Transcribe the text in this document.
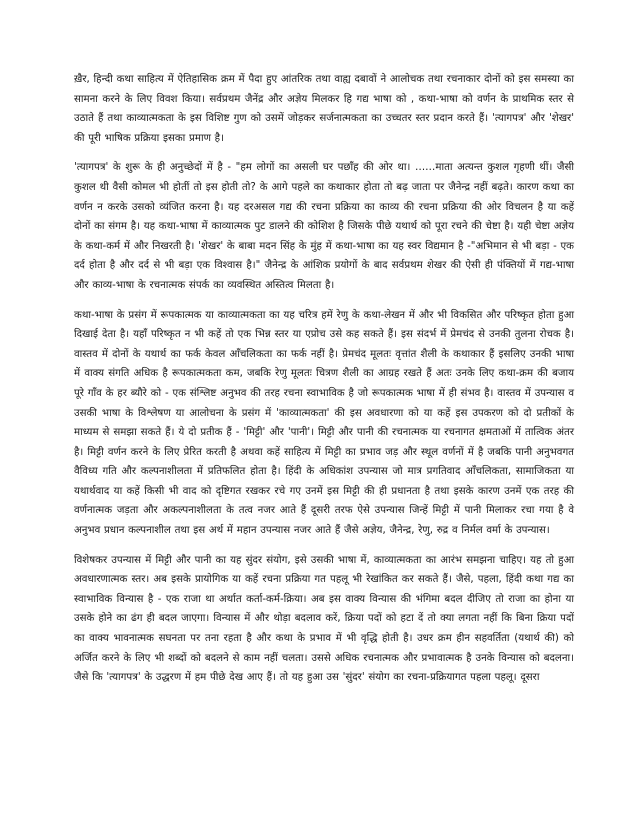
ख़ैर, हिन्दी कथा साहित्य में ऐतिहासिक क्रम में पैदा हुए आंतरिक तथा वाह्य दबावों ने आलोचक तथा रचनाकार दोनों को इस समस्या का सामना करने के लिए विवश किया। सर्वप्रथम जैनेंद्र और अज्ञेय मिलकर हि गद्य भाषा को , कथा-भाषा को वर्णन के प्राथमिक स्तर से उठाते हैं तथा काव्यात्मकता के इस विशिष्ट गुण को उसमें जोड़कर सर्जनात्मकता का उच्चतर स्तर प्रदान करते हैं। 'त्यागपत्र' और 'शेखर' की पूरी भाषिक प्रक्रिया इसका प्रमाण है।

'त्यागपत्र' के शुरू के ही अनुच्छेदों में है - "हम लोगों का असली घर पछाँह की ओर था। ……माता अत्यन्त कुशल गृहणी थीं। जैसी कुशल थी वैसी कोमल भी होतीं तो इस होती तो? के आगे पहले का कथाकार होता तो बढ़ जाता पर जैनेन्द्र नहीं बढ़ते। कारण कथा का वर्णन न करके उसको व्यंजित करना है। यह दरअसल गद्य की रचना प्रक्रिया का काव्य की रचना प्रक्रिया की ओर विचलन है या कहें दोनों का संगम है। यह कथा-भाषा में काव्यात्मक पुट डालने की कोशिश है जिसके पीछे यथार्थ को पूरा रचने की चेष्टा है। यही चेष्टा अज्ञेय के कथा-कर्म में और निखरती है। 'शेखर' के बाबा मदन सिंह के मुंह में कथा-भाषा का यह स्वर विद्यमान है -"अभिमान से भी बड़ा - एक दर्द होता है और दर्द से भी बड़ा एक विश्वास है।" जैनेन्द्र के आंशिक प्रयोगों के बाद सर्वप्रथम शेखर की ऐसी ही पंक्तियों में गद्य-भाषा और काव्य-भाषा के रचनात्मक संपर्क का व्यवस्थित अस्तित्व मिलता है।

कथा-भाषा के प्रसंग में रूपकात्मक या काव्यात्मकता का यह चरित्र हमें रेणु के कथा-लेखन में और भी विकसित और परिष्कृत होता हुआ दिखाई देता है। यहाँ परिष्कृत न भी कहें तो एक भिन्न स्तर या एप्रोच उसे कह सकते हैं। इस संदर्भ में प्रेमचंद से उनकी तुलना रोचक है। वास्तव में दोनों के यथार्थ का फर्क केवल आँचलिकता का फर्क नहीं है। प्रेमचंद मूलतः वृत्तांत शैली के कथाकार हैं इसलिए उनकी भाषा में वाक्य संगति अधिक है रूपकात्मकता कम, जबकि रेणु मूलतः चित्रण शैली का आग्रह रखते हैं अतः उनके लिए कथा-क्रम की बजाय पूरे गाँव के हर ब्यौरे को - एक संश्लिष्ट अनुभव की तरह रचना स्वाभाविक है जो रूपकात्मक भाषा में ही संभव है। वास्तव में उपन्यास व उसकी भाषा के विश्लेषण या आलोचना के प्रसंग में 'काव्यात्मकता' की इस अवधारणा को या कहें इस उपकरण को दो प्रतीकों के माध्यम से समझा सकते हैं। ये दो प्रतीक हैं - 'मिट्टी' और 'पानी'। मिट्टी और पानी की रचनात्मक या रचनागत क्षमताओं में तात्विक अंतर है। मिट्टी वर्णन करने के लिए प्रेरित करती है अथवा कहें साहित्य में मिट्टी का प्रभाव जड़ और स्थूल वर्णनों में है जबकि पानी अनुभवगत वैविध्य गति और कल्पनाशीलता में प्रतिफलित होता है। हिंदी के अधिकांश उपन्यास जो मात्र प्रगतिवाद आँचलिकता, सामाजिकता या यथार्थवाद या कहें किसी भी वाद को दृष्टिगत रखकर रचे गए उनमें इस मिट्टी की ही प्रधानता है तथा इसके कारण उनमें एक तरह की वर्णनात्मक जड़ता और अकल्पनाशीलता के तत्व नजर आते हैं दूसरी तरफ ऐसे उपन्यास जिन्हें मिट्टी में पानी मिलाकर रचा गया है वे अनुभव प्रधान कल्पनाशील तथा इस अर्थ में महान उपन्यास नजर आते हैं जैसे अज्ञेय, जैनेन्द्र, रेणु, रुद्र व निर्मल वर्मा के उपन्यास।

विशेषकर उपन्यास में मिट्टी और पानी का यह सुंदर संयोग, इसे उसकी भाषा में, काव्यात्मकता का आरंभ समझना चाहिए। यह तो हुआ अवधारणात्मक स्तर। अब इसके प्रायोगिक या कहें रचना प्रक्रिया गत पहलू भी रेखांकित कर सकते हैं। जैसे, पहला, हिंदी कथा गद्य का स्वाभाविक विन्यास है - एक राजा था अर्थात कर्ता-कर्म-क्रिया। अब इस वाक्य विन्यास की भंगिमा बदल दीजिए तो राजा का होना या उसके होने का ढंग ही बदल जाएगा। विन्यास में और थोड़ा बदलाव करें, क्रिया पदों को हटा दें तो क्या लगता नहीं कि बिना क्रिया पदों का वाक्य भावनात्मक सघनता पर तना रहता है और कथा के प्रभाव में भी वृद्धि होती है। उधर क्रम हीन सहवर्तिता (यथार्थ की) को अर्जित करने के लिए भी शब्दों को बदलने से काम नहीं चलता। उससे अधिक रचनात्मक और प्रभावात्मक है उनके विन्यास को बदलना। जैसे कि 'त्यागपत्र' के उद्धरण में हम पीछे देख आए हैं। तो यह हुआ उस 'सुंदर' संयोग का रचना-प्रक्रियागत पहला पहलू। दूसरा
